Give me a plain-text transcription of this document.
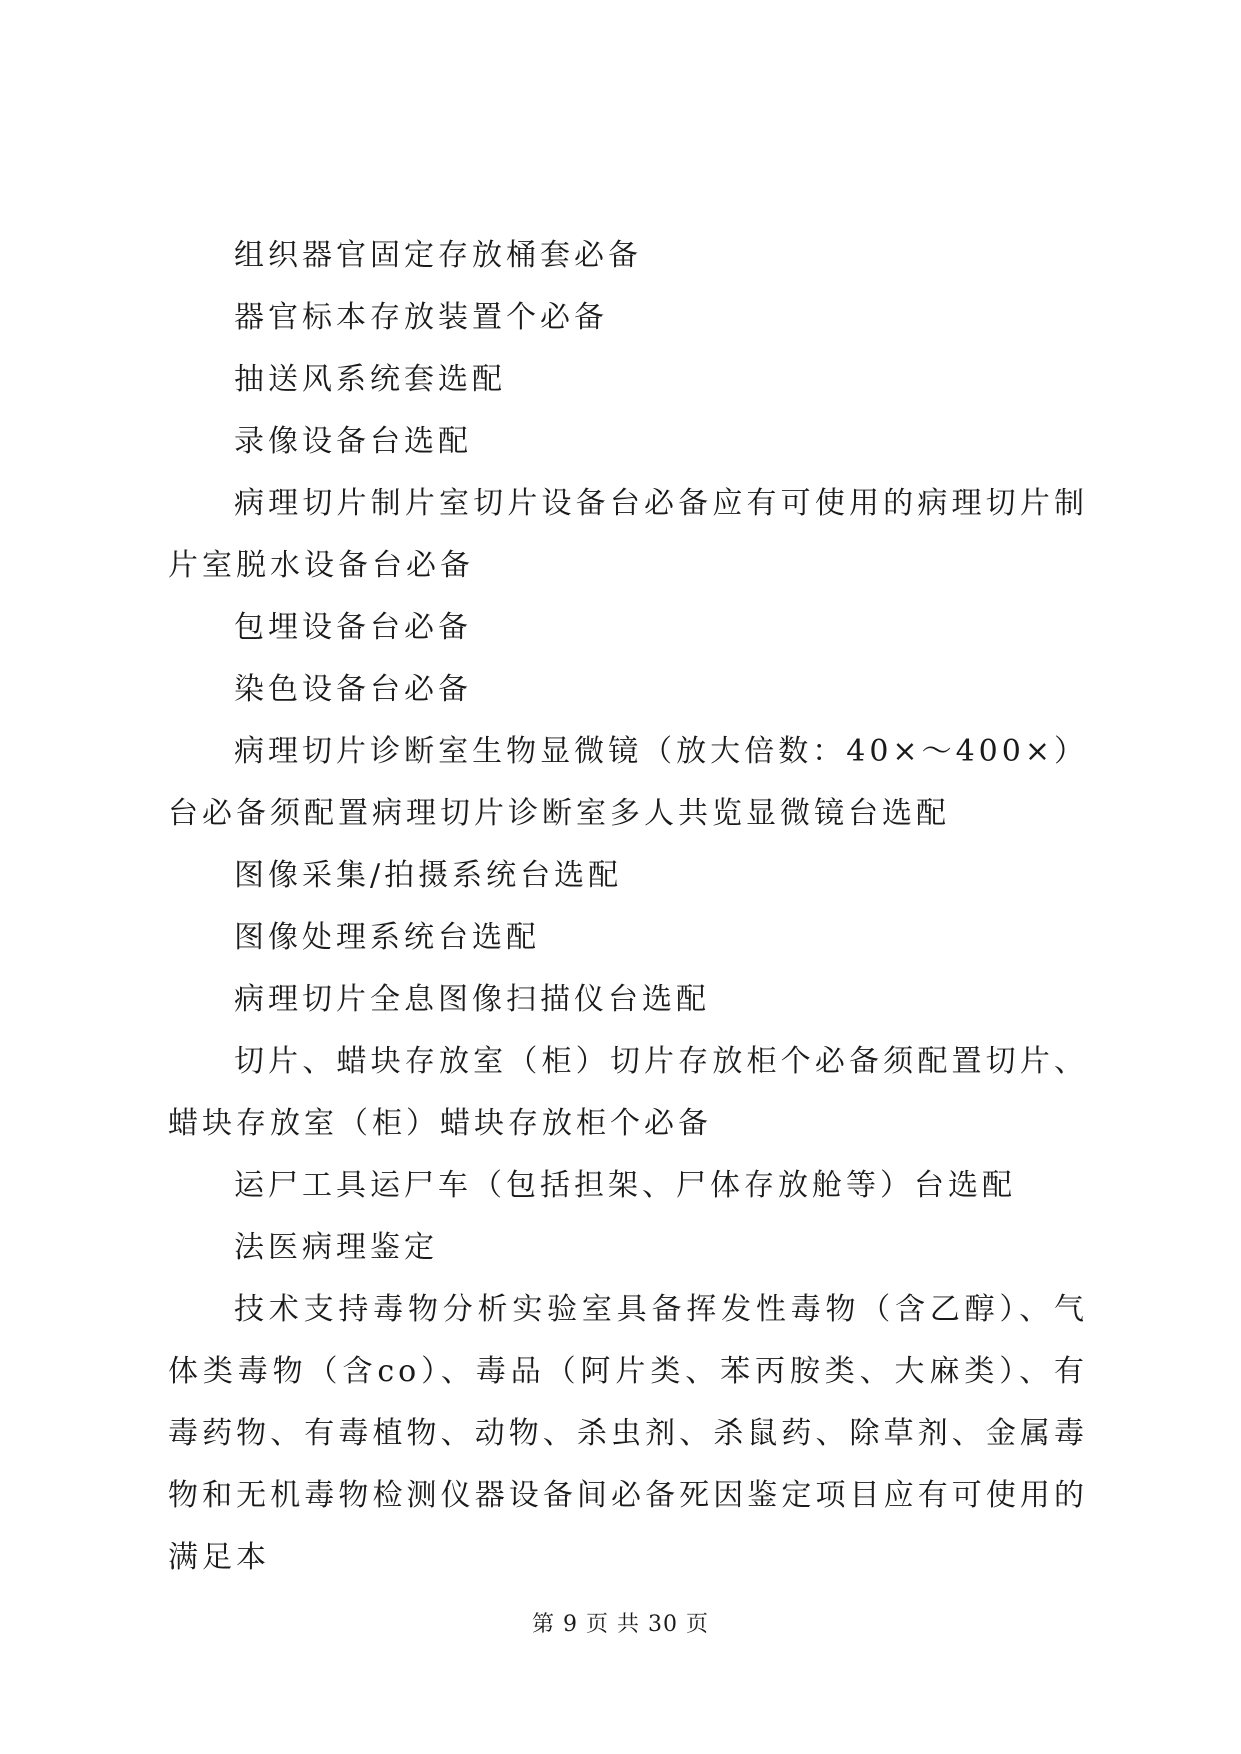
组织器官固定存放桶套必备

器官标本存放装置个必备

抽送风系统套选配

录像设备台选配

病理切片制片室切片设备台必备应有可使用的病理切片制片室脱水设备台必备

包埋设备台必备

染色设备台必备

病理切片诊断室生物显微镜（放大倍数：40×～400×）台必备须配置病理切片诊断室多人共览显微镜台选配

图像采集/拍摄系统台选配

图像处理系统台选配

病理切片全息图像扫描仪台选配

切片、蜡块存放室（柜）切片存放柜个必备须配置切片、蜡块存放室（柜）蜡块存放柜个必备

运尸工具运尸车（包括担架、尸体存放舱等）台选配

法医病理鉴定

技术支持毒物分析实验室具备挥发性毒物（含乙醇）、气体类毒物（含co）、毒品（阿片类、苯丙胺类、大麻类）、有毒药物、有毒植物、动物、杀虫剂、杀鼠药、除草剂、金属毒物和无机毒物检测仪器设备间必备死因鉴定项目应有可使用的满足本

第 9 页 共 30 页
